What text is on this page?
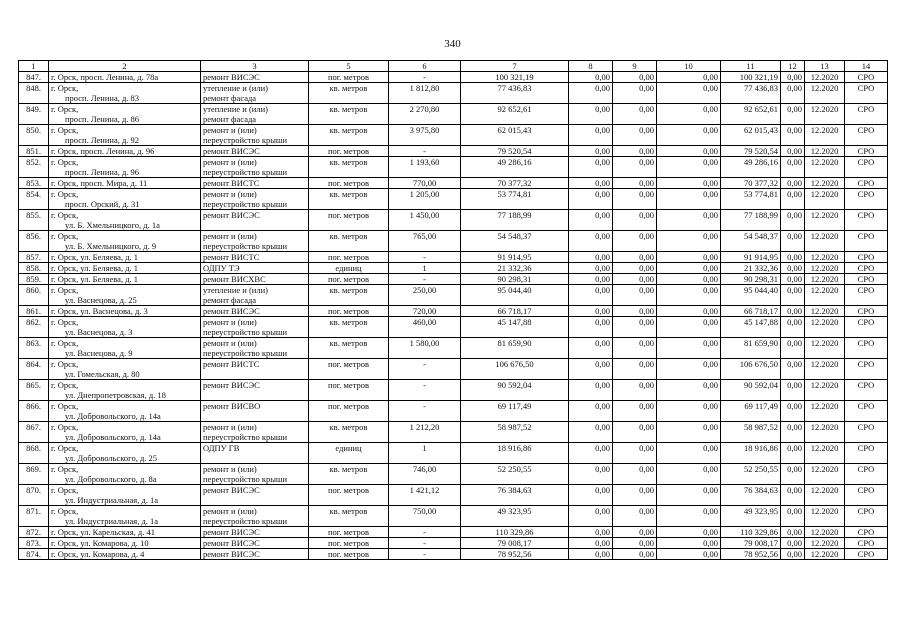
340
1	2	3	5	6	7	8	9	10	11	12	13	14
847.	г. Орск, просп. Ленина, д. 78а	ремонт ВИСЭС	пог. метров	-	100 321,19	0,00	0,00	0,00	100 321,19	0,00	12.2020	СРО
848.	г. Орск,
просп. Ленина, д. 83	утепление и (или)
ремонт фасада	кв. метров	1 812,80	77 436,83	0,00	0,00	0,00	77 436,83	0,00	12.2020	СРО
849.	г. Орск,
просп. Ленина, д. 86	утепление и (или)
ремонт фасада	кв. метров	2 270,80	92 652,61	0,00	0,00	0,00	92 652,61	0,00	12.2020	СРО
850.	г. Орск,
просп. Ленина, д. 92	ремонт и (или)
переустройство крыши	кв. метров	3 975,80	62 015,43	0,00	0,00	0,00	62 015,43	0,00	12.2020	СРО
851.	г. Орск, просп. Ленина, д. 96	ремонт ВИСЭС	пог. метров	-	79 520,54	0,00	0,00	0,00	79 520,54	0,00	12.2020	СРО
852.	г. Орск,
просп. Ленина, д. 96	ремонт и (или)
переустройство крыши	кв. метров	1 193,60	49 286,16	0,00	0,00	0,00	49 286,16	0,00	12.2020	СРО
853.	г. Орск, просп. Мира, д. 11	ремонт ВИСТС	пог. метров	770,00	70 377,32	0,00	0,00	0,00	70 377,32	0,00	12.2020	СРО
854.	г. Орск,
просп. Орский, д. 31	ремонт и (или)
переустройство крыши	кв. метров	1 205,00	53 774,81	0,00	0,00	0,00	53 774,81	0,00	12.2020	СРО
855.	г. Орск,
ул. Б. Хмельницкого, д. 1а	ремонт ВИСЭС	пог. метров	1 450,00	77 188,99	0,00	0,00	0,00	77 188,99	0,00	12.2020	СРО
856.	г. Орск,
ул. Б. Хмельницкого, д. 9	ремонт и (или)
переустройство крыши	кв. метров	765,00	54 548,37	0,00	0,00	0,00	54 548,37	0,00	12.2020	СРО
857.	г. Орск, ул. Беляева, д. 1	ремонт ВИСТС	пог. метров	-	91 914,95	0,00	0,00	0,00	91 914,95	0,00	12.2020	СРО
858.	г. Орск, ул. Беляева, д. 1	ОДПУ ТЭ	единиц	1	21 332,36	0,00	0,00	0,00	21 332,36	0,00	12.2020	СРО
859.	г. Орск, ул. Беляева, д. 1	ремонт ВИСХВС	пог. метров	-	90 298,31	0,00	0,00	0,00	90 298,31	0,00	12.2020	СРО
860.	г. Орск,
ул. Васнецова, д. 25	утепление и (или)
ремонт фасада	кв. метров	250,00	95 044,40	0,00	0,00	0,00	95 044,40	0,00	12.2020	СРО
861.	г. Орск, ул. Васнецова, д. 3	ремонт ВИСЭС	пог. метров	720,00	66 718,17	0,00	0,00	0,00	66 718,17	0,00	12.2020	СРО
862.	г. Орск,
ул. Васнецова, д. 3	ремонт и (или)
переустройство крыши	кв. метров	460,00	45 147,88	0,00	0,00	0,00	45 147,88	0,00	12.2020	СРО
863.	г. Орск,
ул. Васнецова, д. 9	ремонт и (или)
переустройство крыши	кв. метров	1 580,00	81 659,90	0,00	0,00	0,00	81 659,90	0,00	12.2020	СРО
864.	г. Орск,
ул. Гомельская, д. 80	ремонт ВИСТС	пог. метров	-	106 676,50	0,00	0,00	0,00	106 676,50	0,00	12.2020	СРО
865.	г. Орск,
ул. Днепропетровская, д. 18	ремонт ВИСЭС	пог. метров	-	90 592,04	0,00	0,00	0,00	90 592,04	0,00	12.2020	СРО
866.	г. Орск,
ул. Добровольского, д. 14а	ремонт ВИСВО	пог. метров	-	69 117,49	0,00	0,00	0,00	69 117,49	0,00	12.2020	СРО
867.	г. Орск,
ул. Добровольского, д. 14а	ремонт и (или)
переустройство крыши	кв. метров	1 212,20	58 987,52	0,00	0,00	0,00	58 987,52	0,00	12.2020	СРО
868.	г. Орск,
ул. Добровольского, д. 25	ОДПУ ГВ	единиц	1	18 916,86	0,00	0,00	0,00	18 916,86	0,00	12.2020	СРО
869.	г. Орск,
ул. Добровольского, д. 8а	ремонт и (или)
переустройство крыши	кв. метров	746,00	52 250,55	0,00	0,00	0,00	52 250,55	0,00	12.2020	СРО
870.	г. Орск,
ул. Индустриальная, д. 1а	ремонт ВИСЭС	пог. метров	1 421,12	76 384,63	0,00	0,00	0,00	76 384,63	0,00	12.2020	СРО
871.	г. Орск,
ул. Индустриальная, д. 1а	ремонт и (или)
переустройство крыши	кв. метров	750,00	49 323,95	0,00	0,00	0,00	49 323,95	0,00	12.2020	СРО
872.	г. Орск, ул. Карельская, д. 41	ремонт ВИСЭС	пог. метров	-	110 329,86	0,00	0,00	0,00	110 329,86	0,00	12.2020	СРО
873.	г. Орск, ул. Комарова, д. 10	ремонт ВИСЭС	пог. метров	-	79 008,17	0,00	0,00	0,00	79 008,17	0,00	12.2020	СРО
874.	г. Орск, ул. Комарова, д. 4	ремонт ВИСЭС	пог. метров	-	78 952,56	0,00	0,00	0,00	78 952,56	0,00	12.2020	СРО
